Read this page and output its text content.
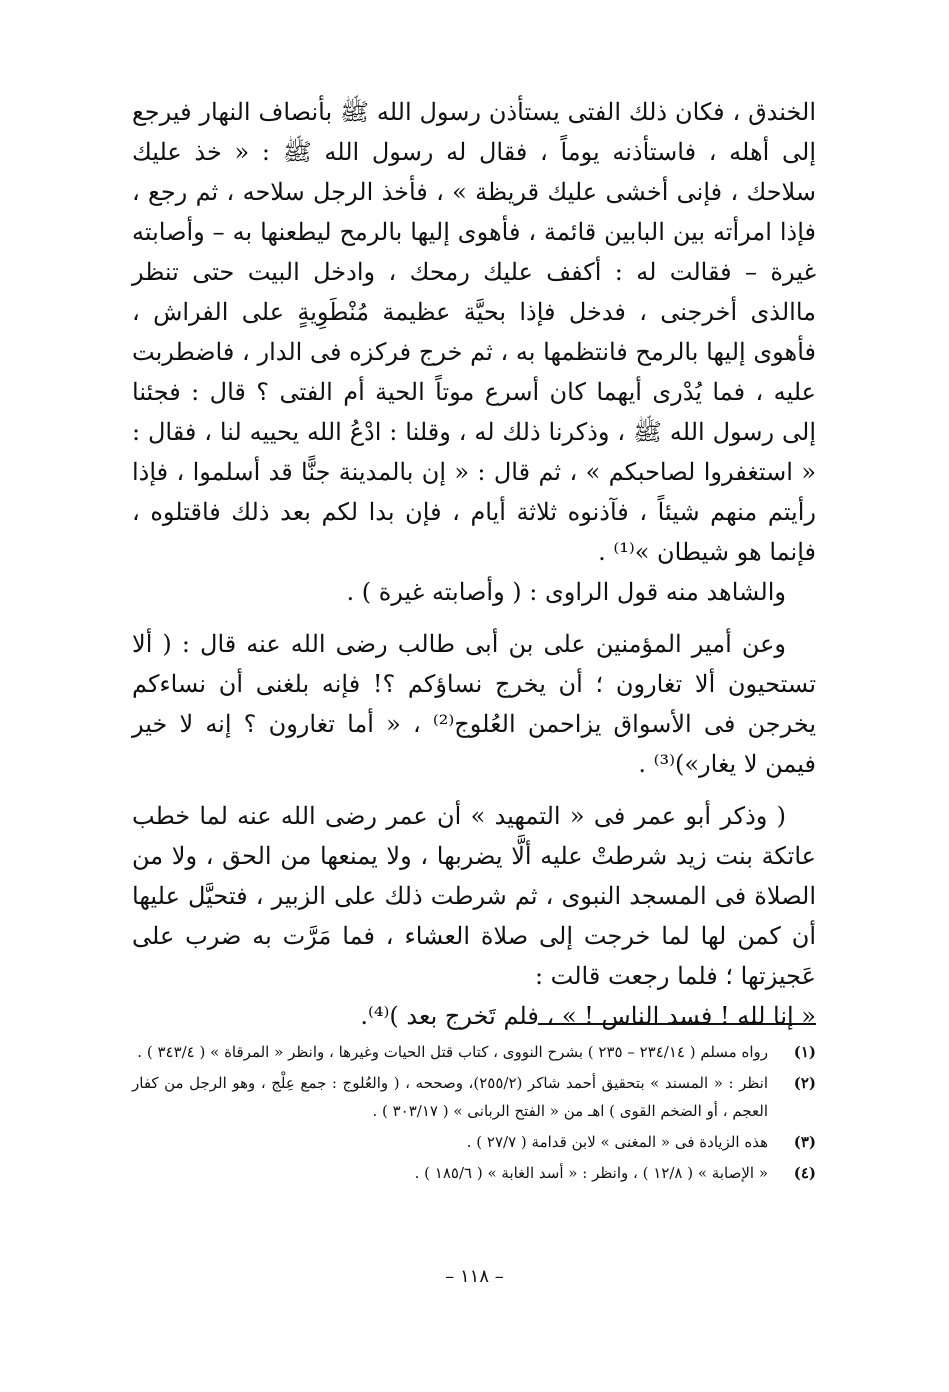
الخندق ، فكان ذلك الفتى يستأذن رسول الله ﷺ بأنصاف النهار فيرجع إلى أهله ، فاستأذنه يوماً ، فقال له رسول الله ﷺ : « خذ عليك سلاحك ، فإنى أخشى عليك قريظة » ، فأخذ الرجل سلاحه ، ثم رجع ، فإذا امرأته بين البابين قائمة ، فأهوى إليها بالرمح ليطعنها به – وأصابته غيرة – فقالت له : أكفف عليك رمحك ، وادخل البيت حتى تنظر ماالذى أخرجنى ، فدخل فإذا بحيَّة عظيمة مُنْطَوِيةٍ على الفراش ، فأهوى إليها بالرمح فانتظمها به ، ثم خرج فركزه فى الدار ، فاضطربت عليه ، فما يُدْرى أيهما كان أسرع موتاً الحية أم الفتى ؟ قال : فجئنا إلى رسول الله ﷺ ، وذكرنا ذلك له ، وقلنا : ادْعُ الله يحييه لنا ، فقال : « استغفروا لصاحبكم » ، ثم قال : « إن بالمدينة جنًّا قد أسلموا ، فإذا رأيتم منهم شيئاً ، فآذنوه ثلاثة أيام ، فإن بدا لكم بعد ذلك فاقتلوه ، فإنما هو شيطان »⁽¹⁾ .

والشاهد منه قول الراوى : ( وأصابته غيرة ) .

وعن أمير المؤمنين على بن أبى طالب رضى الله عنه قال : ( ألا تستحيون ألا تغارون ؛ أن يخرج نساؤكم ؟! فإنه بلغنى أن نساءكم يخرجن فى الأسواق يزاحمن العُلوج⁽²⁾ ، « أما تغارون ؟ إنه لا خير فيمن لا يغار»)⁽³⁾ .

( وذكر أبو عمر فى « التمهيد » أن عمر رضى الله عنه لما خطب عاتكة بنت زيد شرطتْ عليه ألَّا يضربها ، ولا يمنعها من الحق ، ولا من الصلاة فى المسجد النبوى ، ثم شرطت ذلك على الزبير ، فتحيَّل عليها أن كمن لها لما خرجت إلى صلاة العشاء ، فما مَرَّت به ضرب على عَجيزتها ؛ فلما رجعت قالت :

« إنا لله ! فسد الناس ! » ، فلم تَخرج بعد )⁽⁴⁾.

(١)
رواه مسلم ( ٢٣٤/١٤ – ٢٣٥ ) بشرح النووى ، كتاب قتل الحيات وغيرها ، وانظر « المرقاة » ( ٣٤٣/٤ ) .

(٢)
انظر : « المسند » بتحقيق أحمد شاكر (٢٥٥/٢)، وصححه ، ( والعُلوج : جمع عِلْج ، وهو الرجل من كفار العجم ، أو الضخم القوى ) اهـ من « الفتح الربانى » ( ٣٠٣/١٧ ) .

(٣)
هذه الزيادة فى « المغنى » لابن قدامة ( ٢٧/٧ ) .

(٤)
« الإصابة » ( ١٢/٨ ) ، وانظر : « أسد الغابة » ( ١٨٥/٦ ) .

– ١١٨ –
